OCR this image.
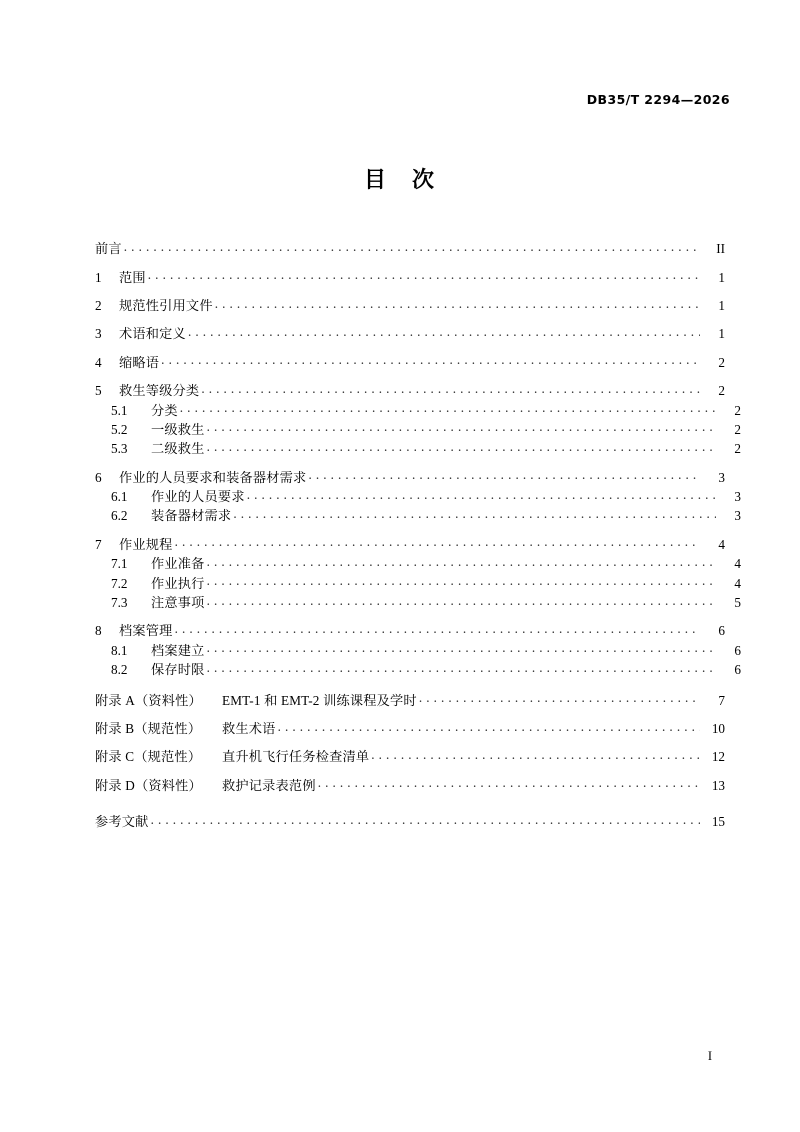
DB35/T 2294—2026
目　次
前言 . . .	II
1	范围 . . .	1
2	规范性引用文件 . . .	1
3	术语和定义 . . .	1
4	缩略语 . . .	2
5	救生等级分类 . . .	2
5.1	分类 . . .	2
5.2	一级救生 . . .	2
5.3	二级救生 . . .	2
6	作业的人员要求和装备器材需求 . . .	3
6.1	作业的人员要求 . . .	3
6.2	装备器材需求 . . .	3
7	作业规程 . . .	4
7.1	作业准备 . . .	4
7.2	作业执行 . . .	4
7.3	注意事项 . . .	5
8	档案管理 . . .	6
8.1	档案建立 . . .	6
8.2	保存时限 . . .	6
附录 A（资料性）	EMT-1 和 EMT-2 训练课程及学时 . . .	7
附录 B（规范性）	救生术语 . . .	10
附录 C（规范性）	直升机飞行任务检查清单 . . .	12
附录 D（资料性）	救护记录表范例 . . .	13
参考文献 . . .	15
I
